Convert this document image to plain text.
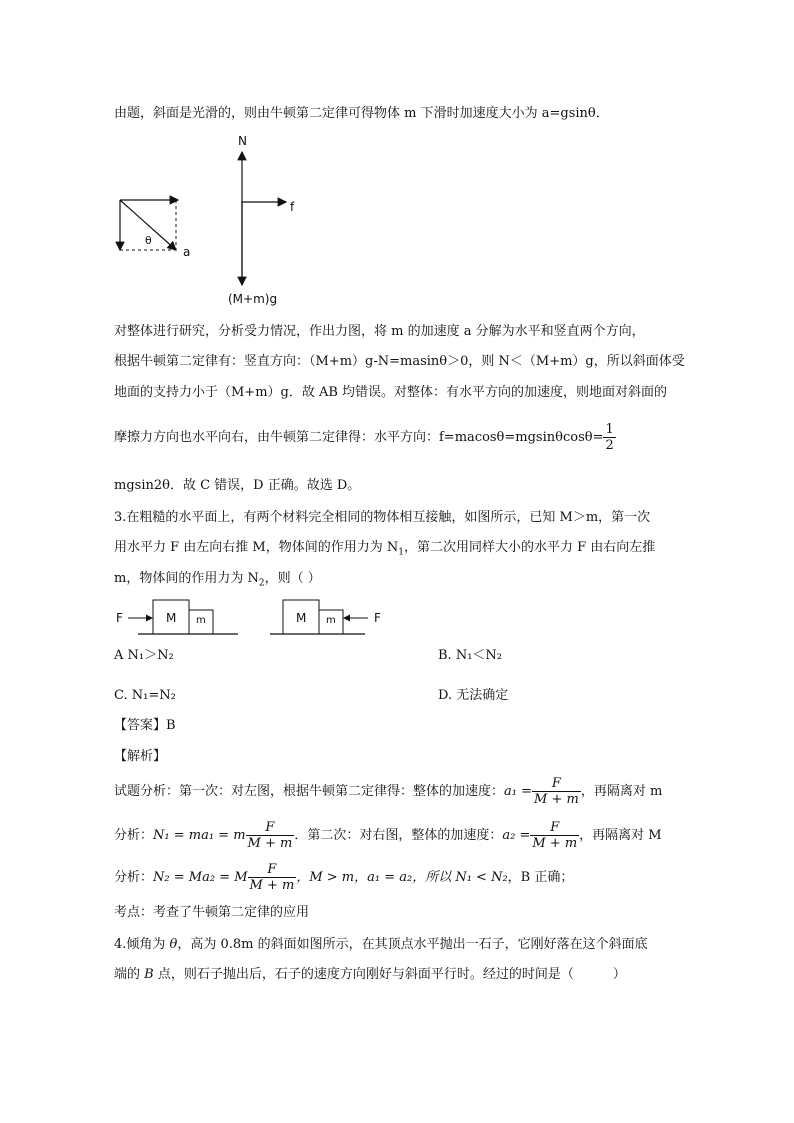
由题，斜面是光滑的，则由牛顿第二定律可得物体 m 下滑时加速度大小为 a=gsinθ．
N
f
θ
a
(M+m)g
对整体进行研究，分析受力情况，作出力图，将 m 的加速度 a 分解为水平和竖直两个方向，
根据牛顿第二定律有：竖直方向：（M+m）g-N=masinθ＞0，则 N＜（M+m）g，所以斜面体受
地面的支持力小于（M+m）g．故 AB 均错误。对整体：有水平方向的加速度，则地面对斜面的
摩擦力方向也水平向右，由牛顿第二定律得：水平方向：$f=macos\theta=mgsin\theta\cos\theta= \frac{1}{2}$
mgsin2θ．故 C 错误，D 正确。故选 D。
3.在粗糙的水平面上，有两个材料完全相同的物体相互接触，如图所示，已知 M＞m，第一次
用水平力 F 由左向右推 M，物体间的作用力为 $N_1$，第二次用同样大小的水平力 F 由右向左推
m，物体间的作用力为 $N_2$，则（ ）
F	M m	M m	F
A N₁＞N₂	B. N₁＜N₂
C. N₁=N₂	D. 无法确定
【答案】B
【解析】
试题分析：第一次：对左图，根据牛顿第二定律得：整体的加速度：$a_1 = \frac{F}{M + m}$ ，再隔离对 m
分析：N₁ = ma₁ = m $\frac{F}{M + m}$ ．第二次：对右图，整体的加速度：$a_2 = \frac{F}{M + m}$ ，再隔离对 M
分析：N₂ = Ma₂ = M $\frac{F}{M + m}$ ，M > m，a₁ = a₂，所以 N₁ < N₂，B 正确；
考点：考查了牛顿第二定律的应用
4.倾角为 θ，高为 0.8m 的斜面如图所示，在其顶点水平抛出一石子，它刚好落在这个斜面底
端的 B 点，则石子抛出后，石子的速度方向刚好与斜面平行时。经过的时间是（　　　）
